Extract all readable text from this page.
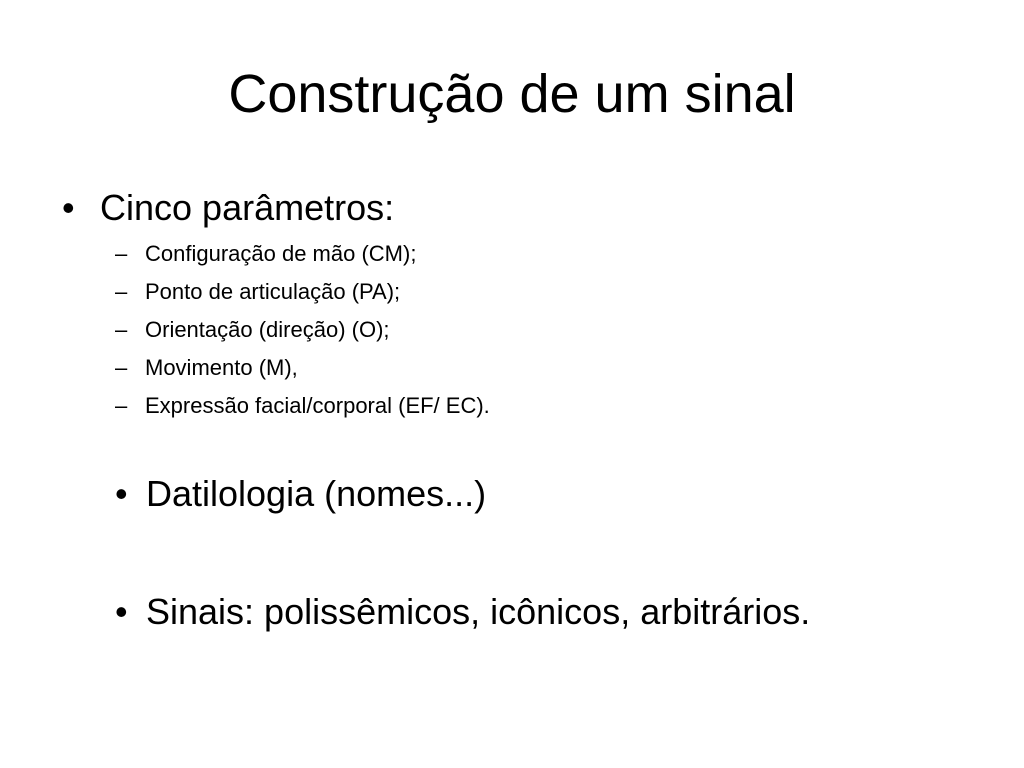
Construção de um sinal
• Cinco parâmetros:
– Configuração de mão (CM);
– Ponto de articulação (PA);
– Orientação (direção) (O);
– Movimento (M),
– Expressão facial/corporal (EF/ EC).
• Datilologia (nomes...)
• Sinais: polissêmicos, icônicos, arbitrários.
